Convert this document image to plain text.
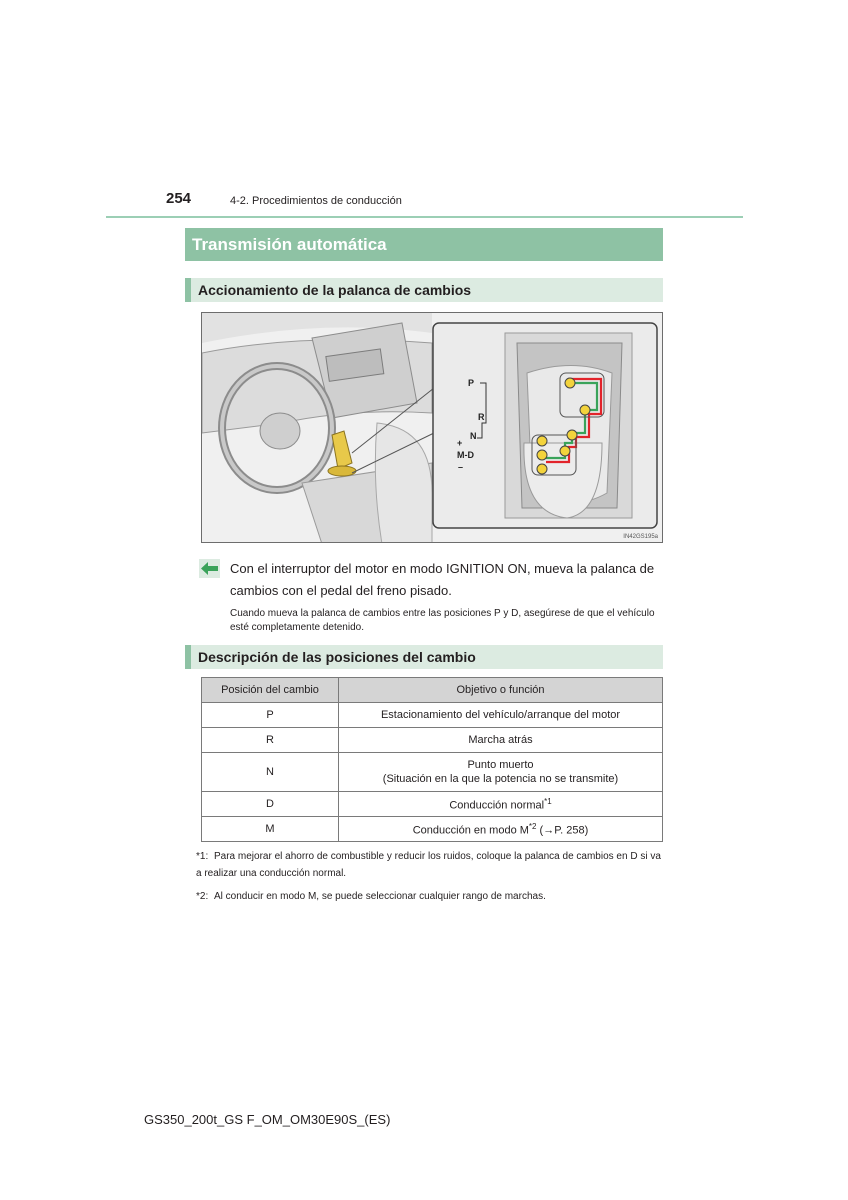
254	4-2. Procedimientos de conducción
Transmisión automática
Accionamiento de la palanca de cambios
P
R
N
+
M-D
–
IN42GS195a
Con el interruptor del motor en modo IGNITION ON, mueva la palanca de cambios con el pedal del freno pisado.
Cuando mueva la palanca de cambios entre las posiciones P y D, asegúrese de que el vehículo esté completamente detenido.
Descripción de las posiciones del cambio
Posición del cambio	Objetivo o función
P	Estacionamiento del vehículo/arranque del motor
R	Marcha atrás
N	Punto muerto
(Situación en la que la potencia no se transmite)

D	Conducción normal$^{*1}$
M	Conducción en modo $M^{*2}$ (→P. 258)
*1: Para mejorar el ahorro de combustible y reducir los ruidos, coloque la palanca de cambios en D si va a realizar una conducción normal.
*2: Al conducir en modo M, se puede seleccionar cualquier rango de marchas.
GS350_200t_GS F_OM_OM30E90S_(ES)
